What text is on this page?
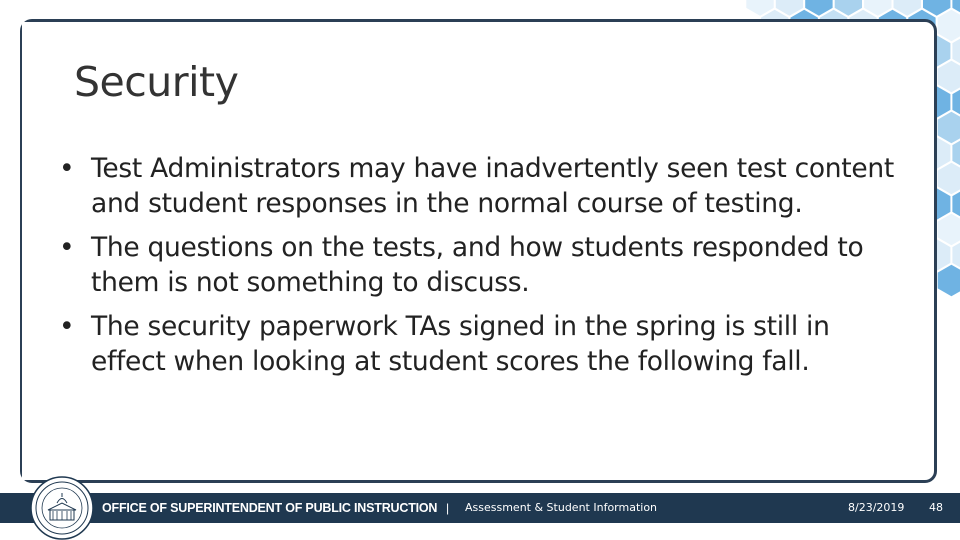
Security
• Test Administrators may have inadvertently seen test content and student responses in the normal course of testing.
• The questions on the tests, and how students responded to them is not something to discuss.
• The security paperwork TAs signed in the spring is still in effect when looking at student scores the following fall.
OFFICE OF SUPERINTENDENT OF PUBLIC INSTRUCTION | Assessment & Student Information	8/23/2019 48
